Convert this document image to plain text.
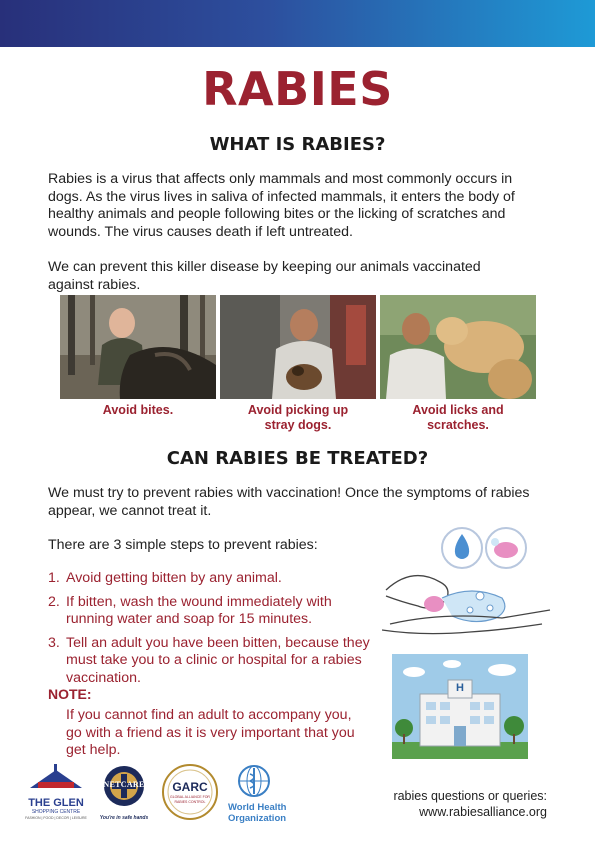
RABIES
WHAT IS RABIES?

Rabies is a virus that affects only mammals and most commonly occurs in dogs. As the virus lives in saliva of infected mammals, it enters the body of healthy animals and people following bites or the licking of scratches and wounds. The virus causes death if left untreated.

We can prevent this killer disease by keeping our animals vaccinated against rabies.

Avoid bites.	Avoid picking up
stray dogs.
Avoid licks and
scratches.
CAN RABIES BE TREATED?

We must try to prevent rabies with vaccination! Once the symptoms of rabies appear, we cannot treat it.

There are 3 simple steps to prevent rabies:

1. Avoid getting bitten by any animal.
2. If bitten, wash the wound immediately with running water and soap for 15 minutes.
3. Tell an adult you have been bitten, because they must take you to a clinic or hospital for a rabies vaccination.
NOTE:

If you cannot find an adult to accompany you, go with a friend as it is very important that you get help.

H
THE GLEN
SHOPPING CENTRE
FASHION | FOOD | DECOR | LEISURE
NETCARE
You're in safe hands
GARC
GLOBAL ALLIANCE FOR RABIES CONTROL
World Health
Organization
rabies questions or queries:
www.rabiesalliance.org
